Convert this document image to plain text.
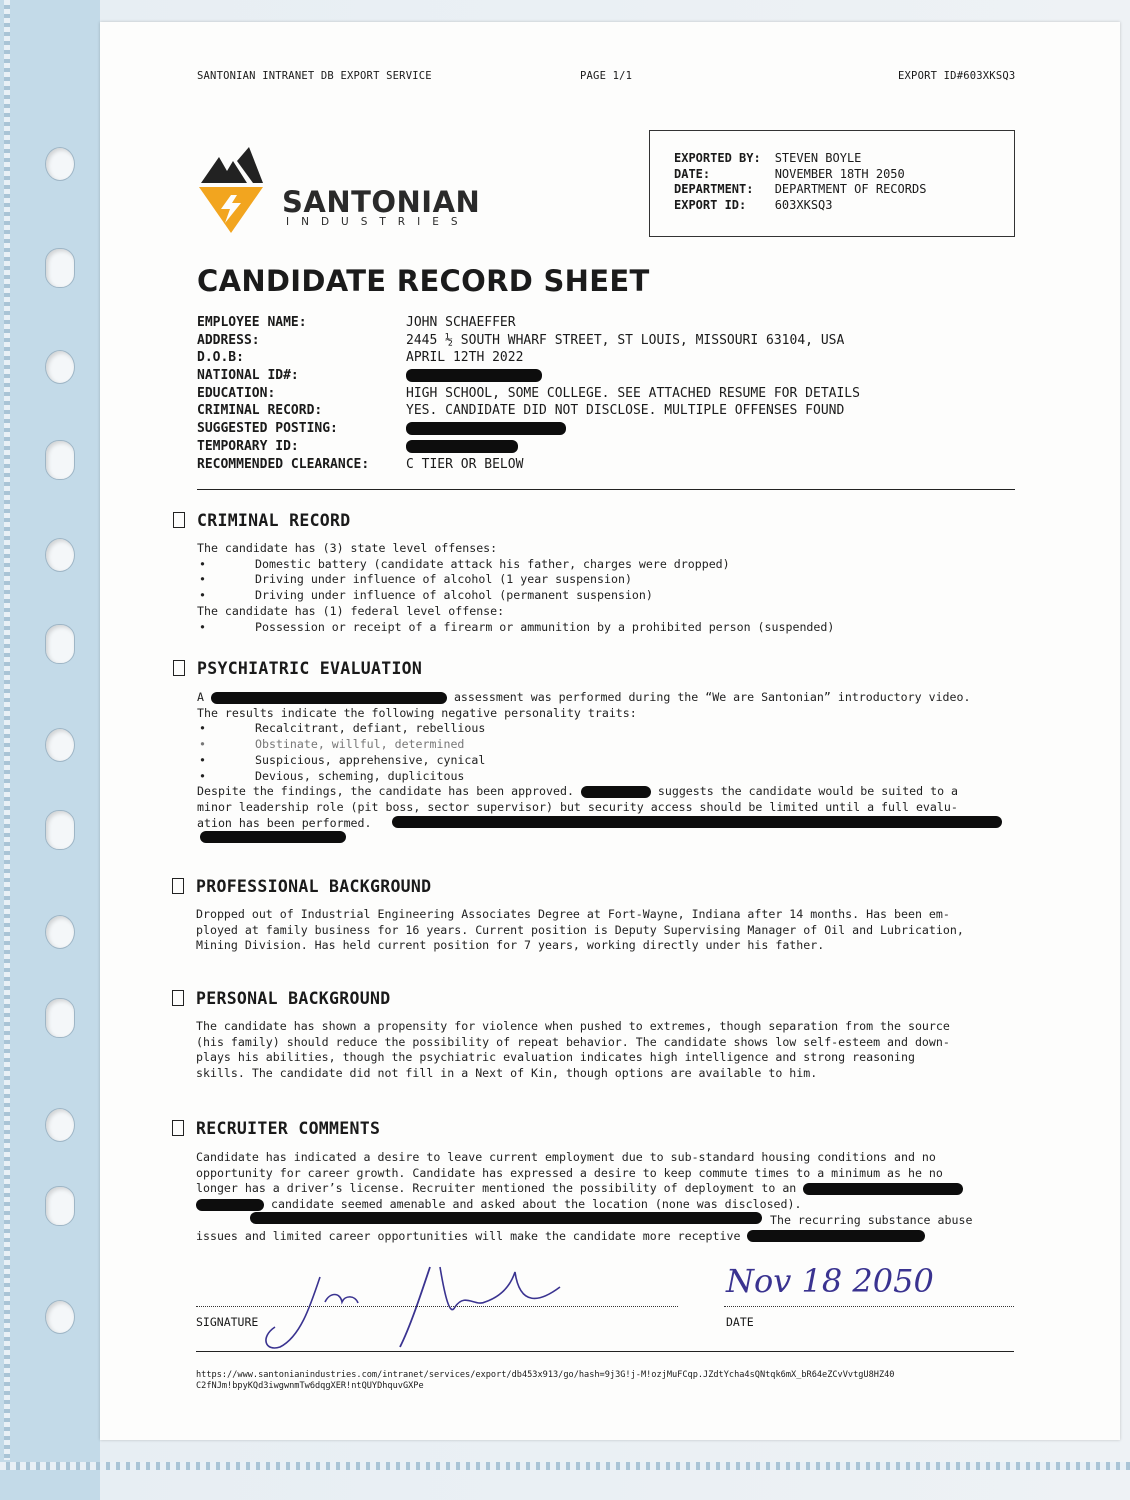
SANTONIAN INTRANET DB EXPORT SERVICE	PAGE 1/1	EXPORT ID#603XKSQ3
SANTONIAN
INDUSTRIES
EXPORTED BY:	STEVEN BOYLE
DATE:	NOVEMBER 18TH 2050
DEPARTMENT:	DEPARTMENT OF RECORDS
EXPORT ID:	603XKSQ3
CANDIDATE RECORD SHEET
EMPLOYEE NAME:	JOHN SCHAEFFER
ADDRESS:	2445 ½ SOUTH WHARF STREET, ST LOUIS, MISSOURI 63104, USA
D.O.B:	APRIL 12TH 2022
NATIONAL ID#:
EDUCATION:	HIGH SCHOOL, SOME COLLEGE. SEE ATTACHED RESUME FOR DETAILS
CRIMINAL RECORD:	YES. CANDIDATE DID NOT DISCLOSE. MULTIPLE OFFENSES FOUND
SUGGESTED POSTING:
TEMPORARY ID:
RECOMMENDED CLEARANCE:	C TIER OR BELOW
CRIMINAL RECORD
The candidate has (3) state level offenses:
• Domestic battery (candidate attack his father, charges were dropped)
• Driving under influence of alcohol (1 year suspension)
• Driving under influence of alcohol (permanent suspension)
The candidate has (1) federal level offense:
• Possession or receipt of a firearm or ammunition by a prohibited person (suspended)
PSYCHIATRIC EVALUATION
A	assessment was performed during the “We are Santonian” introductory video.
The results indicate the following negative personality traits:
• Recalcitrant, defiant, rebellious
• Obstinate, willful, determined
• Suspicious, apprehensive, cynical
• Devious, scheming, duplicitous
Despite the findings, the candidate has been approved.	suggests the candidate would be suited to a
minor leadership role (pit boss, sector supervisor) but security access should be limited until a full evalu-
ation has been performed.
PROFESSIONAL BACKGROUND
Dropped out of Industrial Engineering Associates Degree at Fort-Wayne, Indiana after 14 months. Has been em-
ployed at family business for 16 years. Current position is Deputy Supervising Manager of Oil and Lubrication,
Mining Division. Has held current position for 7 years, working directly under his father.
PERSONAL BACKGROUND
The candidate has shown a propensity for violence when pushed to extremes, though separation from the source
(his family) should reduce the possibility of repeat behavior. The candidate shows low self-esteem and down-
plays his abilities, though the psychiatric evaluation indicates high intelligence and strong reasoning
skills. The candidate did not fill in a Next of Kin, though options are available to him.
RECRUITER COMMENTS
Candidate has indicated a desire to leave current employment due to sub-standard housing conditions and no
opportunity for career growth. Candidate has expressed a desire to keep commute times to a minimum as he no
longer has a driver’s license. Recruiter mentioned the possibility of deployment to an
candidate seemed amenable and asked about the location (none was disclosed).
The recurring substance abuse
issues and limited career opportunities will make the candidate more receptive
Nov 18 2050
SIGNATURE	DATE
https://www.santonianindustries.com/intranet/services/export/db453x913/go/hash=9j3G!j-M!ozjMuFCqp.JZdtYcha4sQNtqk6mX_bR64eZCvVvtgU8HZ40
C2fNJm!bpyKQd3iwgwnmTw6dqgXER!ntQUYDhquvGXPe
